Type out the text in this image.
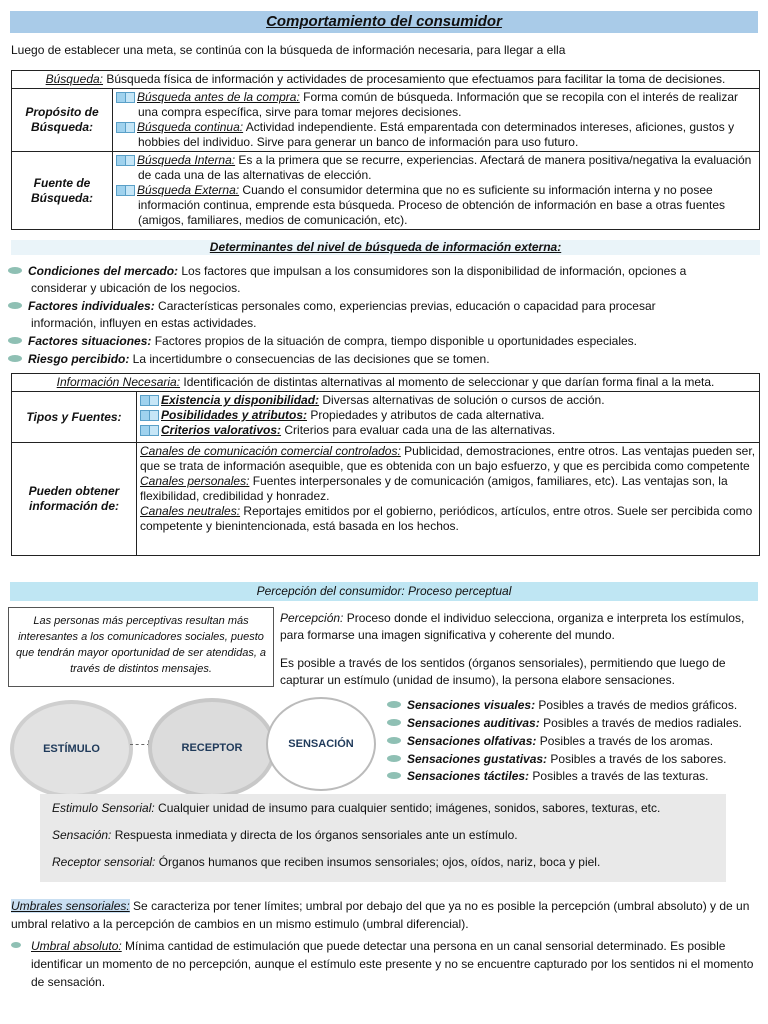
Comportamiento del consumidor
Luego de establecer una meta, se continúa con la búsqueda de información necesaria, para llegar a ella
Búsqueda: Búsqueda física de información y actividades de procesamiento que efectuamos para facilitar la toma de decisiones.	
Propósito de Búsqueda:	Búsqueda antes de la compra: Forma común de búsqueda. Información que se recopila con el interés de realizar una compra específica, sirve para tomar mejores decisiones.
Búsqueda continua: Actividad independiente. Está emparentada con determinados intereses, aficiones, gustos y hobbies del individuo. Sirve para generar un banco de información para uso futuro.

Fuente de Búsqueda:	Búsqueda Interna: Es a la primera que se recurre, experiencias. Afectará de manera positiva/negativa la evaluación de cada una de las alternativas de elección.
Búsqueda Externa: Cuando el consumidor determina que no es suficiente su información interna y no posee información continua, emprende esta búsqueda. Proceso de obtención de información en base a otras fuentes (amigos, familiares, medios de comunicación, etc).
Determinantes del nivel de búsqueda de información externa:
Condiciones del mercado: Los factores que impulsan a los consumidores son la disponibilidad de información, opciones a
considerar y ubicación de los negocios.
Factores individuales: Características personales como, experiencias previas, educación o capacidad para procesar
información, influyen en estas actividades.
Factores situaciones: Factores propios de la situación de compra, tiempo disponible u oportunidades especiales.
Riesgo percibido: La incertidumbre o consecuencias de las decisiones que se tomen.
Información Necesaria: Identificación de distintas alternativas al momento de seleccionar y que darían forma final a la meta.	
Tipos y Fuentes:	Existencia y disponibilidad: Diversas alternativas de solución o cursos de acción.
Posibilidades y atributos: Propiedades y atributos de cada alternativa.
Criterios valorativos: Criterios para evaluar cada una de las alternativas.

Pueden obtener información de:	Canales de comunicación comercial controlados: Publicidad, demostraciones, entre otros. Las ventajas pueden ser, que se trata de información asequible, que es obtenida con un bajo esfuerzo, y que es percibida como competente
Canales personales: Fuentes interpersonales y de comunicación (amigos, familiares, etc). Las ventajas son, la flexibilidad, credibilidad y honradez.
Canales neutrales: Reportajes emitidos por el gobierno, periódicos, artículos, entre otros. Suele ser percibida como competente y bienintencionada, está basada en los hechos.
Percepción del consumidor: Proceso perceptual
Las personas más perceptivas resultan más interesantes a los comunicadores sociales, puesto que tendrán mayor oportunidad de ser atendidas, a través de distintos mensajes.
Percepción: Proceso donde el individuo selecciona, organiza e interpreta los estímulos, para formarse una imagen significativa y coherente del mundo.
Es posible a través de los sentidos (órganos sensoriales), permitiendo que luego de capturar un estímulo (unidad de insumo), la persona elabore sensaciones.
ESTÍMULO	RECEPTOR	SENSACIÓN
Sensaciones visuales: Posibles a través de medios gráficos.
Sensaciones auditivas: Posibles a través de medios radiales.
Sensaciones olfativas: Posibles a través de los aromas.
Sensaciones gustativas: Posibles a través de los sabores.
Sensaciones táctiles: Posibles a través de las texturas.
Estimulo Sensorial: Cualquier unidad de insumo para cualquier sentido; imágenes, sonidos, sabores, texturas, etc.
Sensación: Respuesta inmediata y directa de los órganos sensoriales ante un estímulo.
Receptor sensorial: Órganos humanos que reciben insumos sensoriales; ojos, oídos, nariz, boca y piel.
Umbrales sensoriales: Se caracteriza por tener límites; umbral por debajo del que ya no es posible la percepción (umbral absoluto) y de un umbral relativo a la percepción de cambios en un mismo estimulo (umbral diferencial).
Umbral absoluto: Mínima cantidad de estimulación que puede detectar una persona en un canal sensorial determinado. Es posible identificar un momento de no percepción, aunque el estímulo este presente y no se encuentre capturado por los sentidos ni el momento de sensación.
